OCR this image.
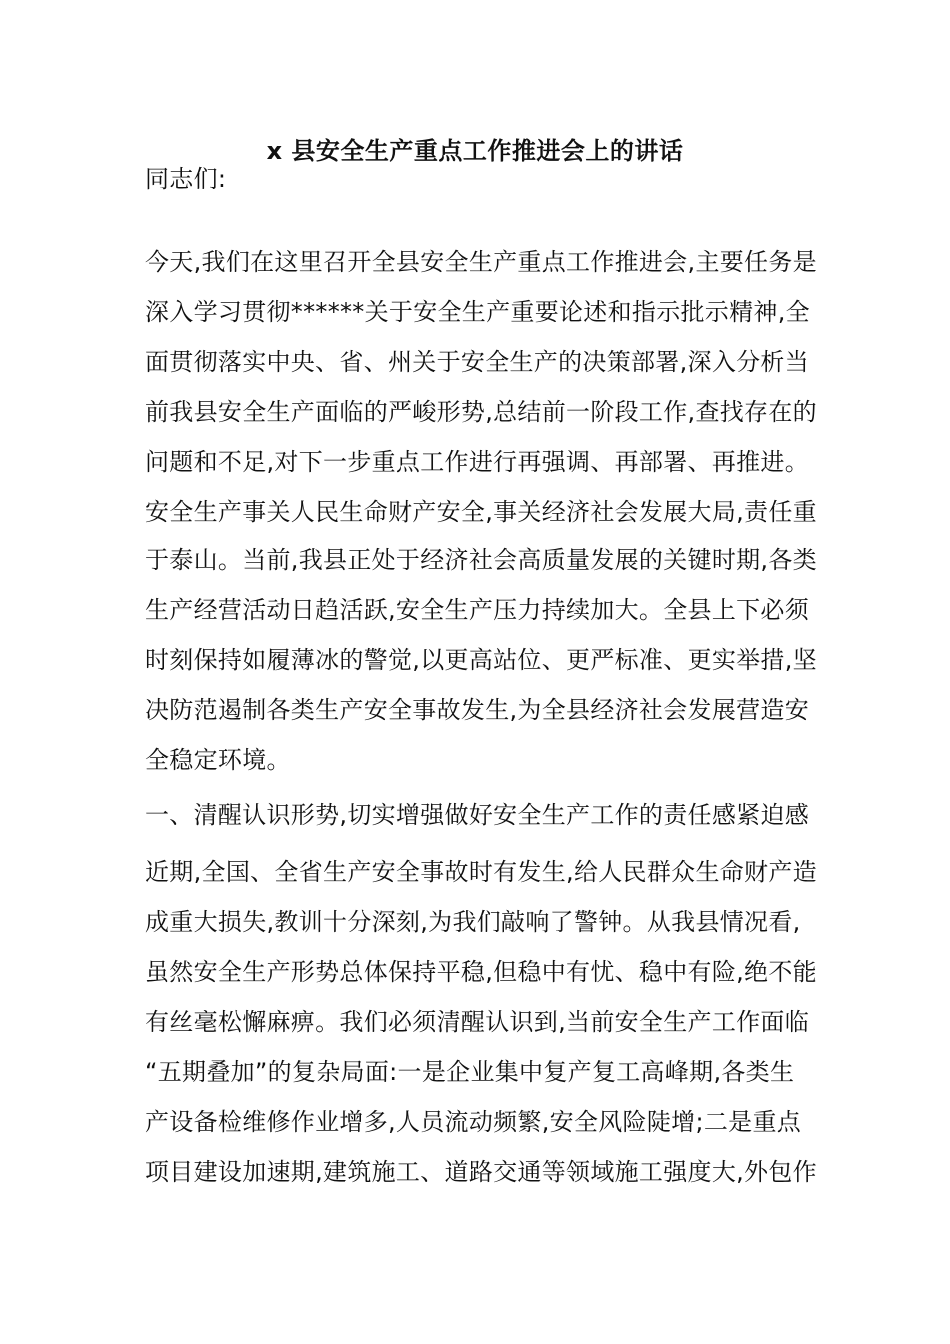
x 县安全生产重点工作推进会上的讲话
同志们:
今天,我们在这里召开全县安全生产重点工作推进会,主要任务是
深入学习贯彻******关于安全生产重要论述和指示批示精神,全
面贯彻落实中央、省、州关于安全生产的决策部署,深入分析当
前我县安全生产面临的严峻形势,总结前一阶段工作,查找存在的
问题和不足,对下一步重点工作进行再强调、再部署、再推进。
安全生产事关人民生命财产安全,事关经济社会发展大局,责任重
于泰山。当前,我县正处于经济社会高质量发展的关键时期,各类
生产经营活动日趋活跃,安全生产压力持续加大。全县上下必须
时刻保持如履薄冰的警觉,以更高站位、更严标准、更实举措,坚
决防范遏制各类生产安全事故发生,为全县经济社会发展营造安
全稳定环境。
一、清醒认识形势,切实增强做好安全生产工作的责任感紧迫感
近期,全国、全省生产安全事故时有发生,给人民群众生命财产造
成重大损失,教训十分深刻,为我们敲响了警钟。从我县情况看,
虽然安全生产形势总体保持平稳,但稳中有忧、稳中有险,绝不能
有丝毫松懈麻痹。我们必须清醒认识到,当前安全生产工作面临
“五期叠加”的复杂局面:一是企业集中复产复工高峰期,各类生
产设备检维修作业增多,人员流动频繁,安全风险陡增;二是重点
项目建设加速期,建筑施工、道路交通等领域施工强度大,外包作
